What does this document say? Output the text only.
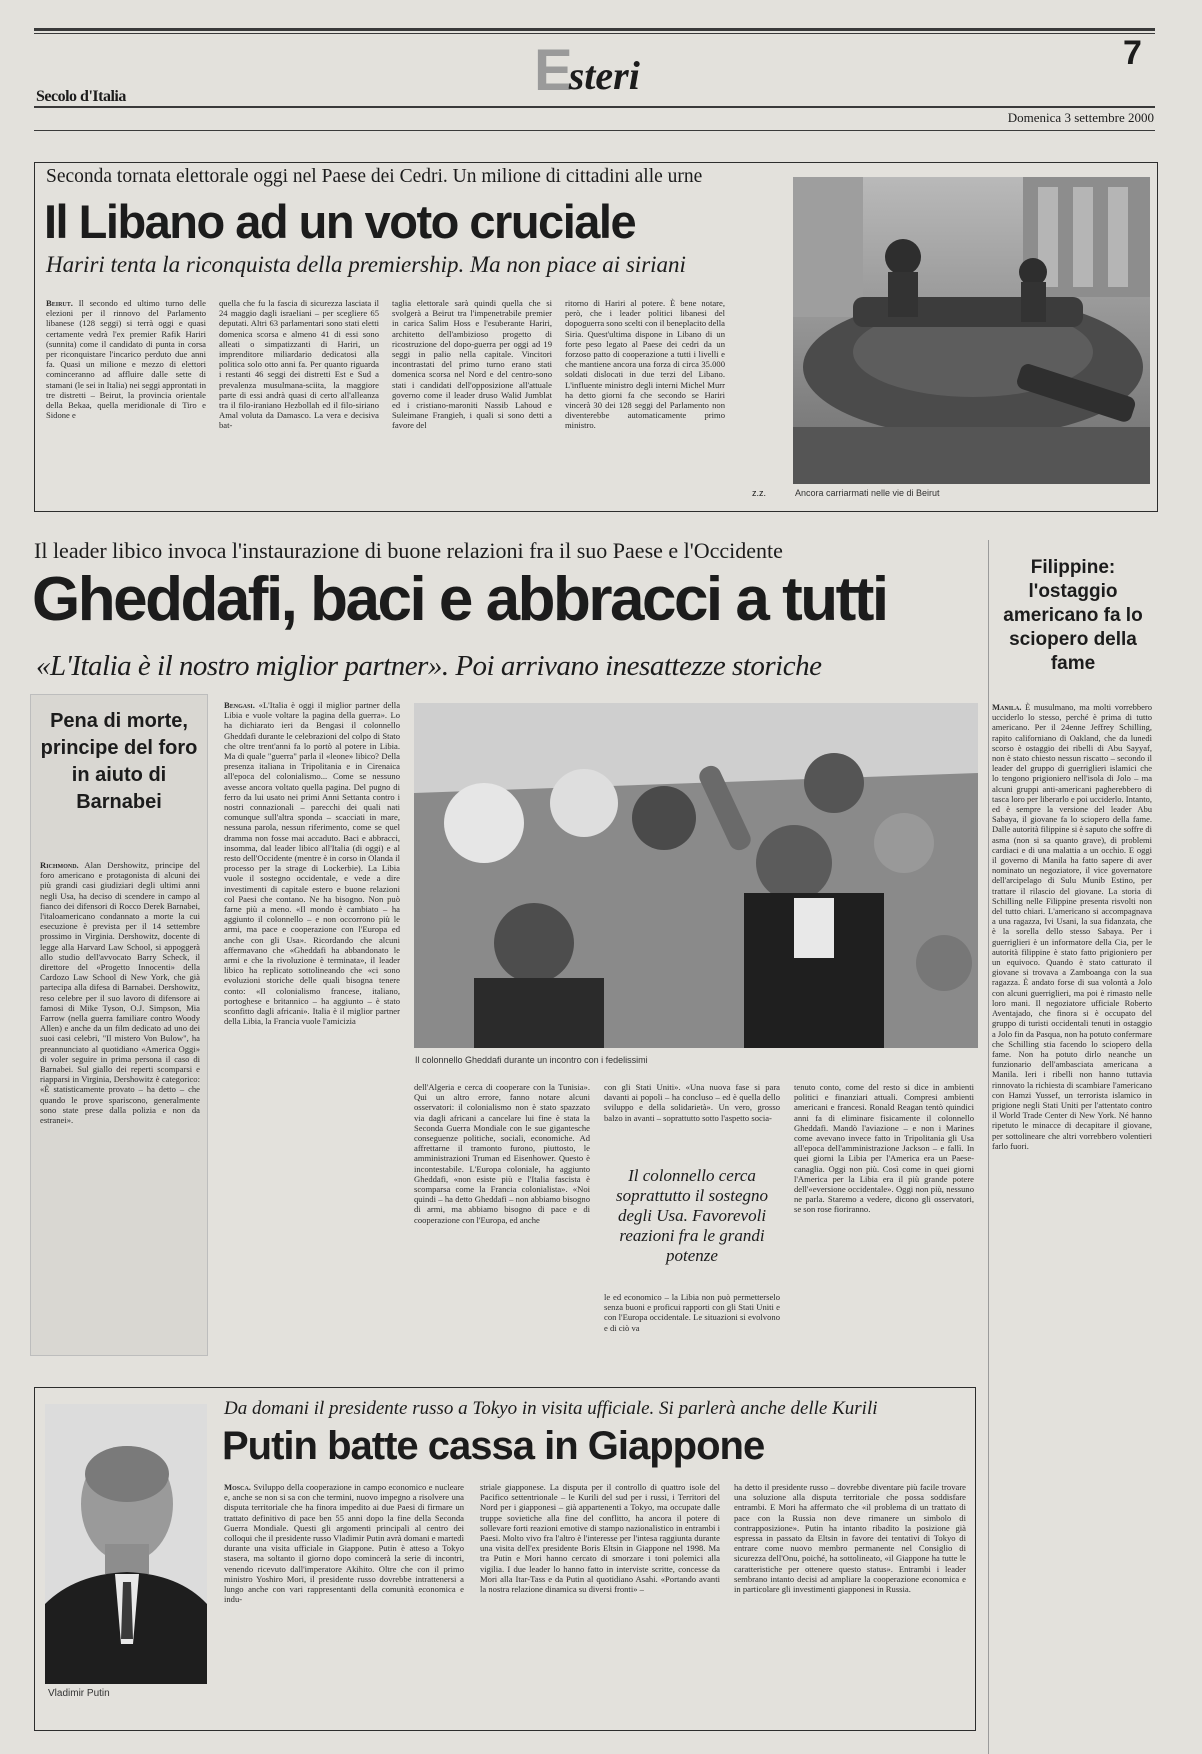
Secolo d'Italia	E
steri	7
Domenica 3 settembre 2000
Seconda tornata elettorale oggi nel Paese dei Cedri. Un milione di cittadini alle urne
Il Libano ad un voto cruciale
Hariri tenta la riconquista della premiership. Ma non piace ai siriani
Beirut. Il secondo ed ultimo turno delle elezioni per il rinnovo del Parlamento libanese (128 seggi) si terrà oggi e quasi certamente vedrà l'ex premier Rafik Hariri (sunnita) come il candidato di punta in corsa per riconquistare l'incarico perduto due anni fa. Quasi un milione e mezzo di elettori cominceranno ad affluire dalle sette di stamani (le sei in Italia) nei seggi approntati in tre distretti – Beirut, la provincia orientale della Bekaa, quella meridionale di Tiro e Sidone e
quella che fu la fascia di sicurezza lasciata il 24 maggio dagli israeliani – per scegliere 65 deputati. Altri 63 parlamentari sono stati eletti domenica scorsa e almeno 41 di essi sono alleati o simpatizzanti di Hariri, un imprenditore miliardario dedicatosi alla politica solo otto anni fa. Per quanto riguarda i restanti 46 seggi dei distretti Est e Sud a prevalenza musulmana-sciita, la maggiore parte di essi andrà quasi di certo all'alleanza tra il filo-iraniano Hezbollah ed il filo-siriano Amal voluta da Damasco. La vera e decisiva bat-
taglia elettorale sarà quindi quella che si svolgerà a Beirut tra l'impenetrabile premier in carica Salim Hoss e l'esuberante Hariri, architetto dell'ambizioso progetto di ricostruzione del dopo-guerra per oggi ad 19 seggi in palio nella capitale. Vincitori incontrastati del primo turno erano stati domenica scorsa nel Nord e del centro-sono stati i candidati dell'opposizione all'attuale governo come il leader druso Walid Jumblat ed i cristiano-maroniti Nassib Lahoud e Suleimane Frangieh, i quali si sono detti a favore del
ritorno di Hariri al potere. È bene notare, però, che i leader politici libanesi del dopoguerra sono scelti con il beneplacito della Siria. Quest'ultima dispone in Libano di un forte peso legato al Paese dei cedri da un forzoso patto di cooperazione a tutti i livelli e che mantiene ancora una forza di circa 35.000 soldati dislocati in due terzi del Libano. L'influente ministro degli interni Michel Murr ha detto giorni fa che secondo se Hariri vincerà 30 dei 128 seggi del Parlamento non diventerebbe automaticamente primo ministro.
z.z.	Ancora carriarmati nelle vie di Beirut
Il leader libico invoca l'instaurazione di buone relazioni fra il suo Paese e l'Occidente
Gheddafi, baci e abbracci a tutti
«L'Italia è il nostro miglior partner». Poi arrivano inesattezze storiche
Pena di morte, principe del foro in aiuto di Barnabei
Richmond. Alan Dershowitz, principe del foro americano e protagonista di alcuni dei più grandi casi giudiziari degli ultimi anni negli Usa, ha deciso di scendere in campo al fianco dei difensori di Rocco Derek Barnabei, l'italoamericano condannato a morte la cui esecuzione è prevista per il 14 settembre prossimo in Virginia. Dershowitz, docente di legge alla Harvard Law School, si appoggerà allo studio dell'avvocato Barry Scheck, il direttore del «Progetto Innocenti» della Cardozo Law School di New York, che già partecipa alla difesa di Barnabei. Dershowitz, reso celebre per il suo lavoro di difensore ai famosi di Mike Tyson, O.J. Simpson, Mia Farrow (nella guerra familiare contro Woody Allen) e anche da un film dedicato ad uno dei suoi casi celebri, "Il mistero Von Bulow", ha preannunciato al quotidiano «America Oggi» di voler seguire in prima persona il caso di Barnabei. Sul giallo dei reperti scomparsi e riapparsi in Virginia, Dershowitz è categorico: «È statisticamente provato – ha detto – che quando le prove spariscono, generalmente sono state prese dalla polizia e non da estranei».
Bengasi. «L'Italia è oggi il miglior partner della Libia e vuole voltare la pagina della guerra». Lo ha dichiarato ieri da Bengasi il colonnello Gheddafi durante le celebrazioni del colpo di Stato che oltre trent'anni fa lo portò al potere in Libia. Ma di quale "guerra" parla il «leone» libico? Della presenza italiana in Tripolitania e in Cirenaica all'epoca del colonialismo... Come se nessuno avesse ancora voltato quella pagina. Del pugno di ferro da lui usato nei primi Anni Settanta contro i nostri connazionali – parecchi dei quali nati comunque sull'altra sponda – scacciati in mare, nessuna parola, nessun riferimento, come se quel dramma non fosse mai accaduto. Baci e abbracci, insomma, dal leader libico all'Italia (di oggi) e al resto dell'Occidente (mentre è in corso in Olanda il processo per la strage di Lockerbie). La Libia vuole il sostegno occidentale, e vede a dire investimenti di capitale estero e buone relazioni col Paesi che contano. Ne ha bisogno. Non può farne più a meno. «Il mondo è cambiato – ha aggiunto il colonnello – e non occorrono più le armi, ma pace e cooperazione con l'Europa ed anche con gli Usa». Ricordando che alcuni affermavano che «Gheddafi ha abbandonato le armi e che la rivoluzione è terminata», il leader libico ha replicato sottolineando che «ci sono evoluzioni storiche delle quali bisogna tenere conto: «Il colonialismo francese, italiano, portoghese e britannico – ha aggiunto – è stato sconfitto dagli africani». Italia è il miglior partner della Libia, la Francia vuole l'amicizia
Il colonnello Gheddafi durante un incontro con i fedelissimi
dell'Algeria e cerca di cooperare con la Tunisia». Qui un altro errore, fanno notare alcuni osservatori: il colonialismo non è stato spazzato via dagli africani a cancelare lui fine è stata la Seconda Guerra Mondiale con le sue gigantesche conseguenze politiche, sociali, economiche. Ad affrettarne il tramonto furono, piuttosto, le amministrazioni Truman ed Eisenhower. Questo è incontestabile. L'Europa coloniale, ha aggiunto Gheddafi, «non esiste più e l'Italia fascista è scomparsa come la Francia colonialista». «Noi quindi – ha detto Gheddafi – non abbiamo bisogno di armi, ma abbiamo bisogno di pace e di cooperazione con l'Europa, ed anche
con gli Stati Uniti». «Una nuova fase si para davanti ai popoli – ha concluso – ed è quella dello sviluppo e della solidarietà». Un vero, grosso balzo in avanti – soprattutto sotto l'aspetto socia-
Il colonnello cerca soprattutto il sostegno degli Usa. Favorevoli reazioni fra le grandi potenze
le ed economico – la Libia non può permetterselo senza buoni e proficui rapporti con gli Stati Uniti e con l'Europa occidentale. Le situazioni si evolvono e di ciò va
tenuto conto, come del resto si dice in ambienti politici e finanziari attuali. Compresi ambienti americani e francesi. Ronald Reagan tentò quindici anni fa di eliminare fisicamente il colonnello Gheddafi. Mandò l'aviazione – e non i Marines come avevano invece fatto in Tripolitania gli Usa all'epoca dell'amministrazione Jackson – e fallì. In quei giorni la Libia per l'America era un Paese-canaglia. Oggi non più. Così come in quei giorni l'America per la Libia era il più grande potere dell'«eversione occidentale». Oggi non più, nessuno ne parla. Staremo a vedere, dicono gli osservatori, se son rose fioriranno.
Filippine: l'ostaggio americano fa lo sciopero della fame
Manila. È musulmano, ma molti vorrebbero ucciderlo lo stesso, perché è prima di tutto americano. Per il 24enne Jeffrey Schilling, rapito californiano di Oakland, che da lunedì scorso è ostaggio dei ribelli di Abu Sayyaf, non è stato chiesto nessun riscatto – secondo il leader del gruppo di guerriglieri islamici che lo tengono prigioniero nell'isola di Jolo – ma alcuni gruppi anti-americani pagherebbero di tasca loro per liberarlo e poi ucciderlo. Intanto, ed è sempre la versione del leader Abu Sabaya, il giovane fa lo sciopero della fame. Dalle autorità filippine si è saputo che soffre di asma (non si sa quanto grave), di problemi cardiaci e di una malattia a un occhio. E oggi il governo di Manila ha fatto sapere di aver nominato un negoziatore, il vice governatore dell'arcipelago di Sulu Munib Estino, per trattare il rilascio del giovane. La storia di Schilling nelle Filippine presenta risvolti non del tutto chiari. L'americano si accompagnava a una ragazza, Ivi Usani, la sua fidanzata, che è la sorella dello stesso Sabaya. Per i guerriglieri è un informatore della Cia, per le autorità filippine è stato fatto prigioniero per un equivoco. Quando è stato catturato il giovane si trovava a Zamboanga con la sua ragazza. È andato forse di sua volontà a Jolo con alcuni guerriglieri, ma poi è rimasto nelle loro mani. Il negoziatore ufficiale Roberto Aventajado, che finora si è occupato del gruppo di turisti occidentali tenuti in ostaggio a Jolo fin da Pasqua, non ha potuto confermare che Schilling stia facendo lo sciopero della fame. Non ha potuto dirlo neanche un funzionario dell'ambasciata americana a Manila. Ieri i ribelli non hanno tuttavia rinnovato la richiesta di scambiare l'americano con Hamzi Yussef, un terrorista islamico in prigione negli Stati Uniti per l'attentato contro il World Trade Center di New York. Né hanno ripetuto le minacce di decapitare il giovane, per sottolineare che altri vorrebbero volentieri farlo fuori.
Da domani il presidente russo a Tokyo in visita ufficiale. Si parlerà anche delle Kurili
Putin batte cassa in Giappone
Vladimir Putin
Mosca. Sviluppo della cooperazione in campo economico e nucleare e, anche se non si sa con che termini, nuovo impegno a risolvere una disputa territoriale che ha finora impedito ai due Paesi di firmare un trattato definitivo di pace ben 55 anni dopo la fine della Seconda Guerra Mondiale. Questi gli argomenti principali al centro dei colloqui che il presidente russo Vladimir Putin avrà domani e martedì durante una visita ufficiale in Giappone. Putin è atteso a Tokyo stasera, ma soltanto il giorno dopo comincerà la serie di incontri, venendo ricevuto dall'imperatore Akihito. Oltre che con il primo ministro Yoshiro Mori, il presidente russo dovrebbe intrattenersi a lungo anche con vari rappresentanti della comunità economica e indu-
striale giapponese. La disputa per il controllo di quattro isole del Pacifico settentrionale – le Kurili del sud per i russi, i Territori del Nord per i giapponesi – già appartenenti a Tokyo, ma occupate dalle truppe sovietiche alla fine del conflitto, ha ancora il potere di sollevare forti reazioni emotive di stampo nazionalistico in entrambi i Paesi. Molto vivo fra l'altro è l'interesse per l'intesa raggiunta durante una visita dell'ex presidente Boris Eltsin in Giappone nel 1998. Ma tra Putin e Mori hanno cercato di smorzare i toni polemici alla vigilia. I due leader lo hanno fatto in interviste scritte, concesse da Mori alla Itar-Tass e da Putin al quotidiano Asahi. «Portando avanti la nostra relazione dinamica su diversi fronti» –
ha detto il presidente russo – dovrebbe diventare più facile trovare una soluzione alla disputa territoriale che possa soddisfare entrambi. E Mori ha affermato che «il problema di un trattato di pace con la Russia non deve rimanere un simbolo di contrapposizione». Putin ha intanto ribadito la posizione già espressa in passato da Eltsin in favore dei tentativi di Tokyo di entrare come nuovo membro permanente nel Consiglio di sicurezza dell'Onu, poiché, ha sottolineato, «il Giappone ha tutte le caratteristiche per ottenere questo status». Entrambi i leader sembrano intanto decisi ad ampliare la cooperazione economica e in particolare gli investimenti giapponesi in Russia.
